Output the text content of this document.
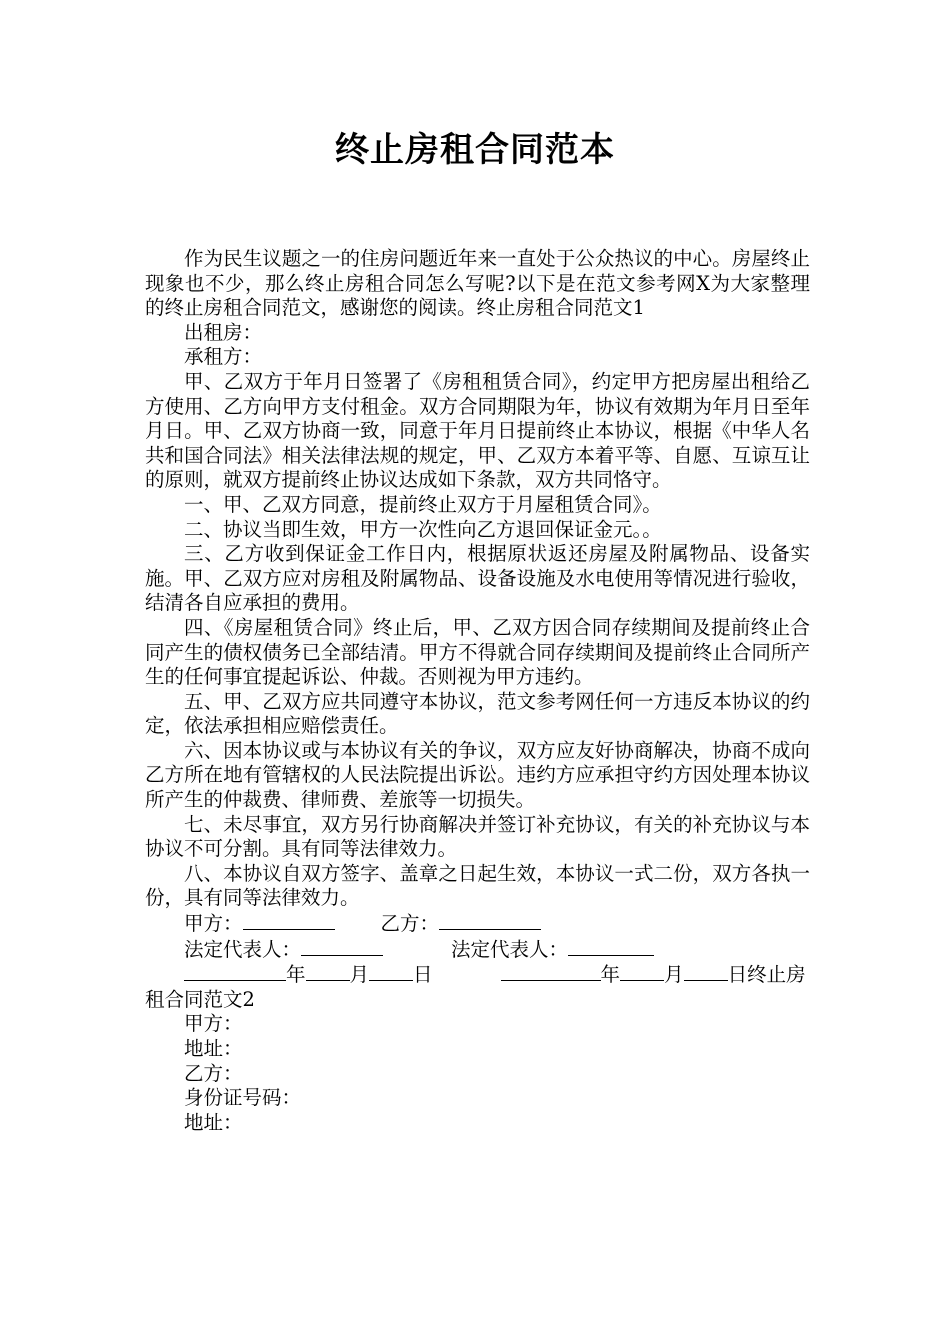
终止房租合同范本

作为民生议题之一的住房问题近年来一直处于公众热议的中心。房屋终止现象也不少，那么终止房租合同怎么写呢?以下是在范文参考网X为大家整理的终止房租合同范文，感谢您的阅读。终止房租合同范文1

出租房：

承租方：

甲、乙双方于年月日签署了《房租租赁合同》，约定甲方把房屋出租给乙方使用、乙方向甲方支付租金。双方合同期限为年，协议有效期为年月日至年月日。甲、乙双方协商一致，同意于年月日提前终止本协议，根据《中华人名共和国合同法》相关法律法规的规定，甲、乙双方本着平等、自愿、互谅互让的原则，就双方提前终止协议达成如下条款，双方共同恪守。

一、甲、乙双方同意，提前终止双方于月屋租赁合同》。

二、协议当即生效，甲方一次性向乙方退回保证金元。。

三、乙方收到保证金工作日内，根据原状返还房屋及附属物品、设备实施。甲、乙双方应对房租及附属物品、设备设施及水电使用等情况进行验收，结清各自应承担的费用。

四、《房屋租赁合同》终止后，甲、乙双方因合同存续期间及提前终止合同产生的债权债务已全部结清。甲方不得就合同存续期间及提前终止合同所产生的任何事宜提起诉讼、仲裁。否则视为甲方违约。

五、甲、乙双方应共同遵守本协议，范文参考网任何一方违反本协议的约定，依法承担相应赔偿责任。

六、因本协议或与本协议有关的争议，双方应友好协商解决，协商不成向乙方所在地有管辖权的人民法院提出诉讼。违约方应承担守约方因处理本协议所产生的仲裁费、律师费、差旅等一切损失。

七、未尽事宜，双方另行协商解决并签订补充协议，有关的补充协议与本协议不可分割。具有同等法律效力。

八、本协议自双方签字、盖章之日起生效，本协议一式二份，双方各执一份，具有同等法律效力。

甲方：	乙方：

法定代表人：	法定代表人：

年 月 日	年 月 日终止房租合同范文2

甲方：

地址：

乙方：

身份证号码：

地址：
